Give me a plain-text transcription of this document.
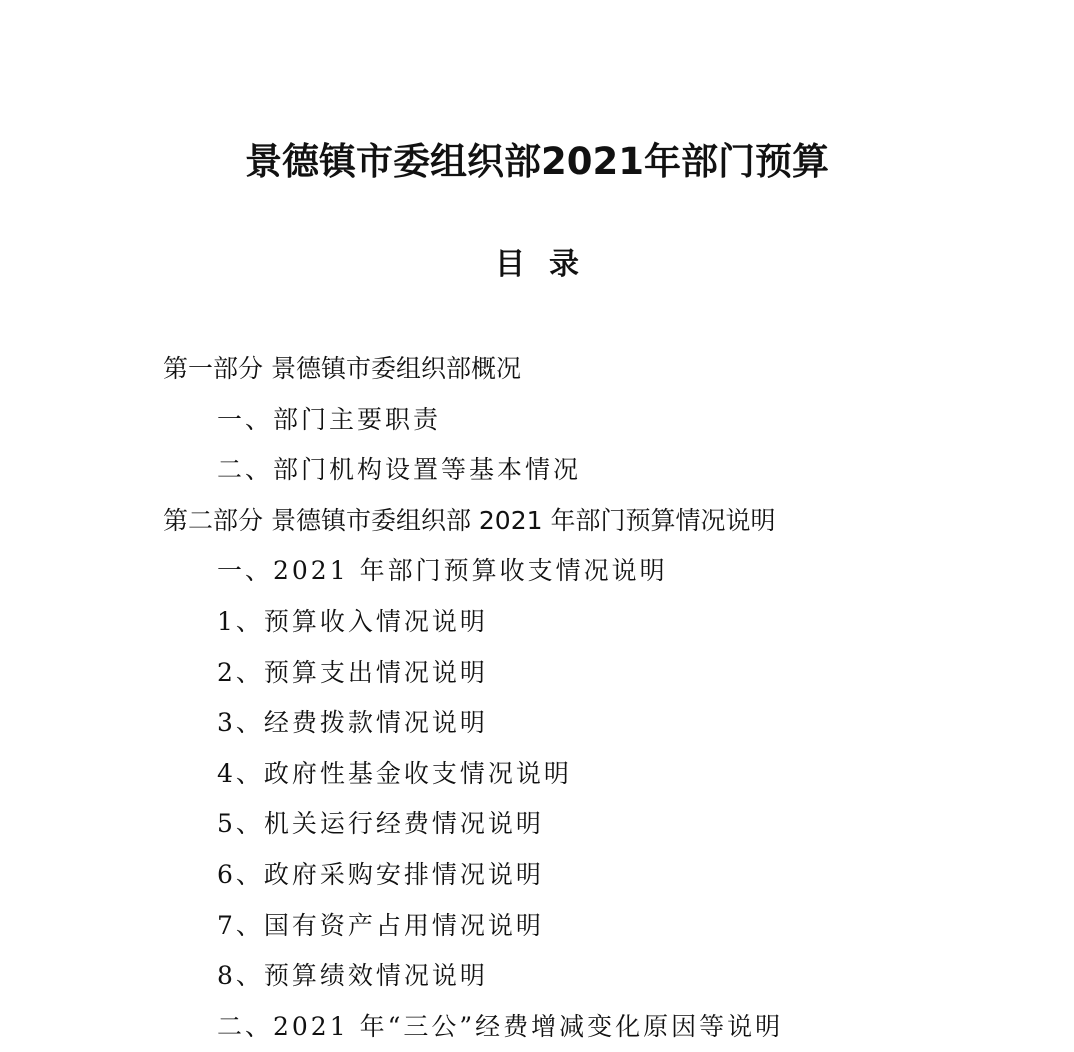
景德镇市委组织部2021年部门预算
目录
第一部分 景德镇市委组织部概况
一、部门主要职责
二、部门机构设置等基本情况
第二部分 景德镇市委组织部 2021 年部门预算情况说明
一、2021 年部门预算收支情况说明
1、预算收入情况说明
2、预算支出情况说明
3、经费拨款情况说明
4、政府性基金收支情况说明
5、机关运行经费情况说明
6、政府采购安排情况说明
7、国有资产占用情况说明
8、预算绩效情况说明
二、2021 年“三公”经费增减变化原因等说明
